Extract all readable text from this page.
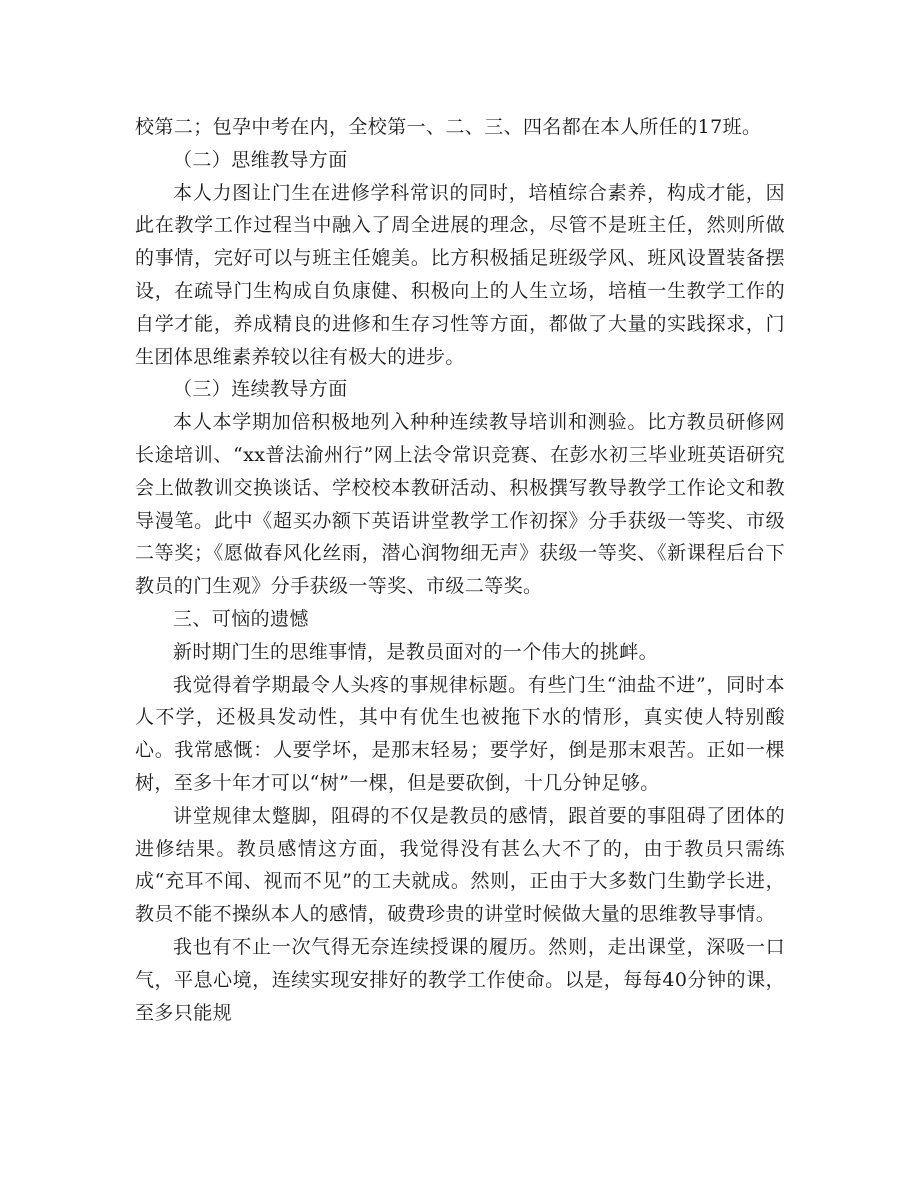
校第二；包孕中考在内，全校第一、二、三、四名都在本人所任的17班。

（二）思维教导方面

本人力图让门生在进修学科常识的同时，培植综合素养，构成才能，因此在教学工作过程当中融入了周全进展的理念，尽管不是班主任，然则所做的事情，完好可以与班主任媲美。比方积极插足班级学风、班风设置装备摆设，在疏导门生构成自负康健、积极向上的人生立场，培植一生教学工作的自学才能，养成精良的进修和生存习性等方面，都做了大量的实践探求，门生团体思维素养较以往有极大的进步。

（三）连续教导方面

本人本学期加倍积极地列入种种连续教导培训和测验。比方教员研修网长途培训、“xx普法渝州行”网上法令常识竞赛、在彭水初三毕业班英语研究会上做教训交换谈话、学校校本教研活动、积极撰写教导教学工作论文和教导漫笔。此中《超买办额下英语讲堂教学工作初探》分手获级一等奖、市级二等奖；《愿做春风化丝雨，潜心润物细无声》获级一等奖、《新课程后台下教员的门生观》分手获级一等奖、市级二等奖。

三、可恼的遗憾

新时期门生的思维事情，是教员面对的一个伟大的挑衅。

我觉得着学期最令人头疼的事规律标题。有些门生“油盐不进”，同时本人不学，还极具发动性，其中有优生也被拖下水的情形，真实使人特别酸心。我常感慨：人要学坏，是那末轻易；要学好，倒是那末艰苦。正如一棵树，至多十年才可以“树”一棵，但是要砍倒，十几分钟足够。

讲堂规律太蹩脚，阻碍的不仅是教员的感情，跟首要的事阻碍了团体的进修结果。教员感情这方面，我觉得没有甚么大不了的，由于教员只需练成“充耳不闻、视而不见”的工夫就成。然则，正由于大多数门生勤学长进，教员不能不操纵本人的感情，破费珍贵的讲堂时候做大量的思维教导事情。

我也有不止一次气得无奈连续授课的履历。然则，走出课堂，深吸一口气，平息心境，连续实现安排好的教学工作使命。以是，每每40分钟的课，至多只能规
